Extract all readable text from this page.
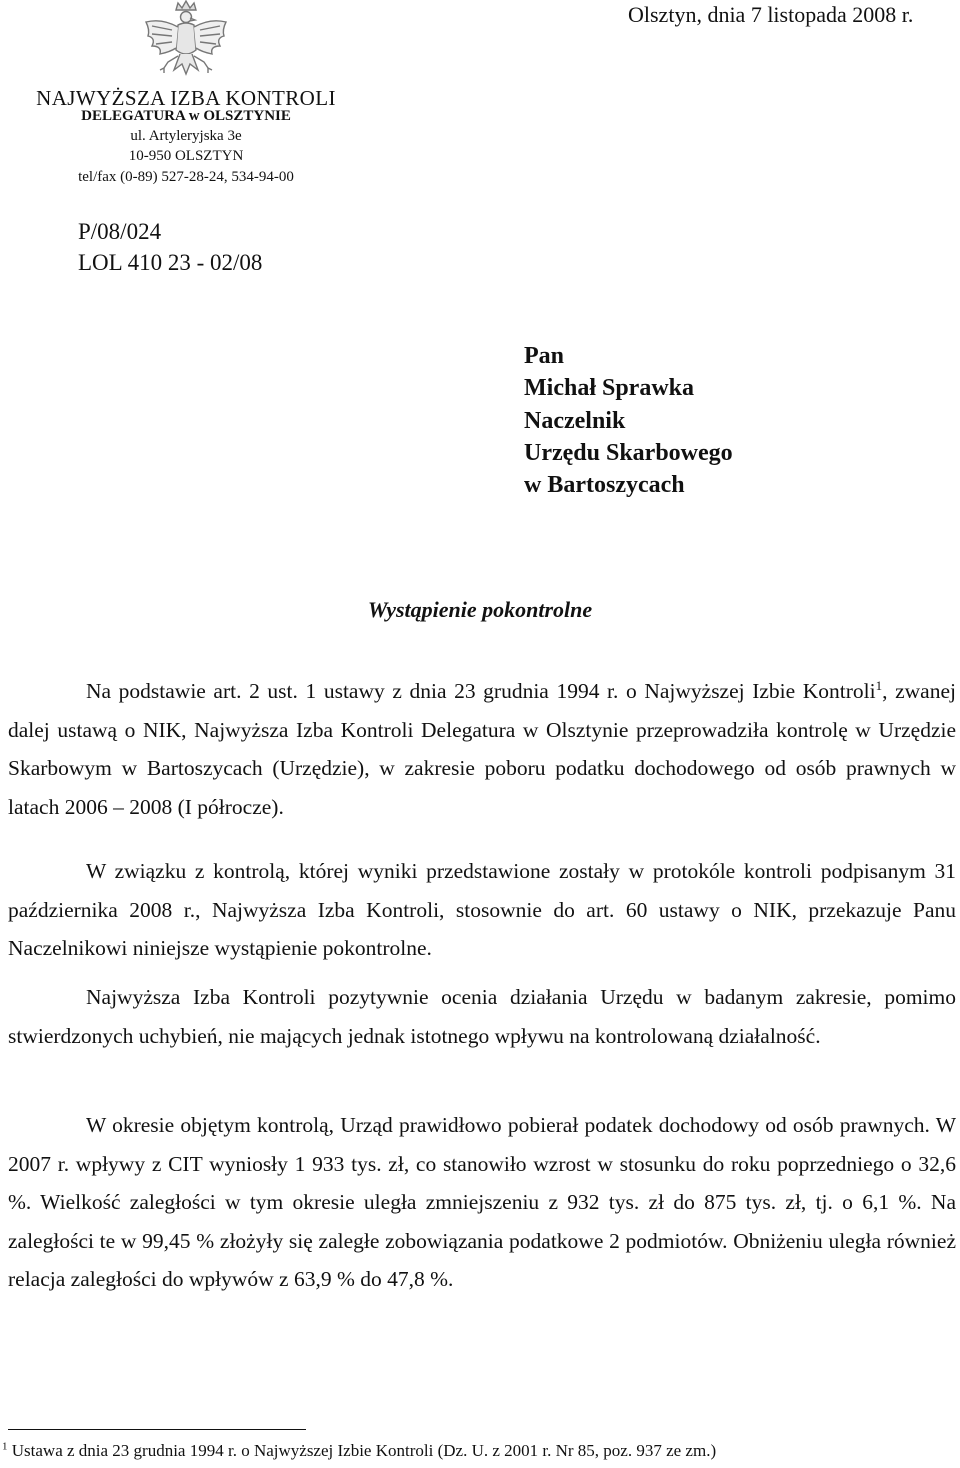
Olsztyn, dnia 7 listopada 2008 r.
NAJWYŻSZA IZBA KONTROLI
DELEGATURA w OLSZTYNIE
ul. Artyleryjska 3e
10-950 OLSZTYN
tel/fax (0-89) 527-28-24, 534-94-00
P/08/024
LOL 410 23 - 02/08
Pan
Michał Sprawka
Naczelnik
Urzędu Skarbowego
w Bartoszycach
Wystąpienie pokontrolne

Na podstawie art. 2 ust. 1 ustawy z dnia 23 grudnia 1994 r. o Najwyższej Izbie Kontroli$^1$, zwanej dalej ustawą o NIK, Najwyższa Izba Kontroli Delegatura w Olsztynie przeprowadziła kontrolę w Urzędzie Skarbowym w Bartoszycach (Urzędzie), w zakresie poboru podatku dochodowego od osób prawnych w latach 2006 – 2008 (I półrocze).

W związku z kontrolą, której wyniki przedstawione zostały w protokóle kontroli podpisanym 31 października 2008 r., Najwyższa Izba Kontroli, stosownie do art. 60 ustawy o NIK, przekazuje Panu Naczelnikowi niniejsze wystąpienie pokontrolne.

Najwyższa Izba Kontroli pozytywnie ocenia działania Urzędu w badanym zakresie, pomimo stwierdzonych uchybień, nie mających jednak istotnego wpływu na kontrolowaną działalność.

W okresie objętym kontrolą, Urząd prawidłowo pobierał podatek dochodowy od osób prawnych. W 2007 r. wpływy z CIT wyniosły 1 933 tys. zł, co stanowiło wzrost w stosunku do roku poprzedniego o 32,6 %. Wielkość zaległości w tym okresie uległa zmniejszeniu z 932 tys. zł do 875 tys. zł, tj. o 6,1 %. Na zaległości te w 99,45 % złożyły się zaległe zobowiązania podatkowe 2 podmiotów. Obniżeniu uległa również relacja zaległości do wpływów z 63,9 % do 47,8 %.

$^1$ Ustawa z dnia 23 grudnia 1994 r. o Najwyższej Izbie Kontroli (Dz. U. z 2001 r. Nr 85, poz. 937 ze zm.)
